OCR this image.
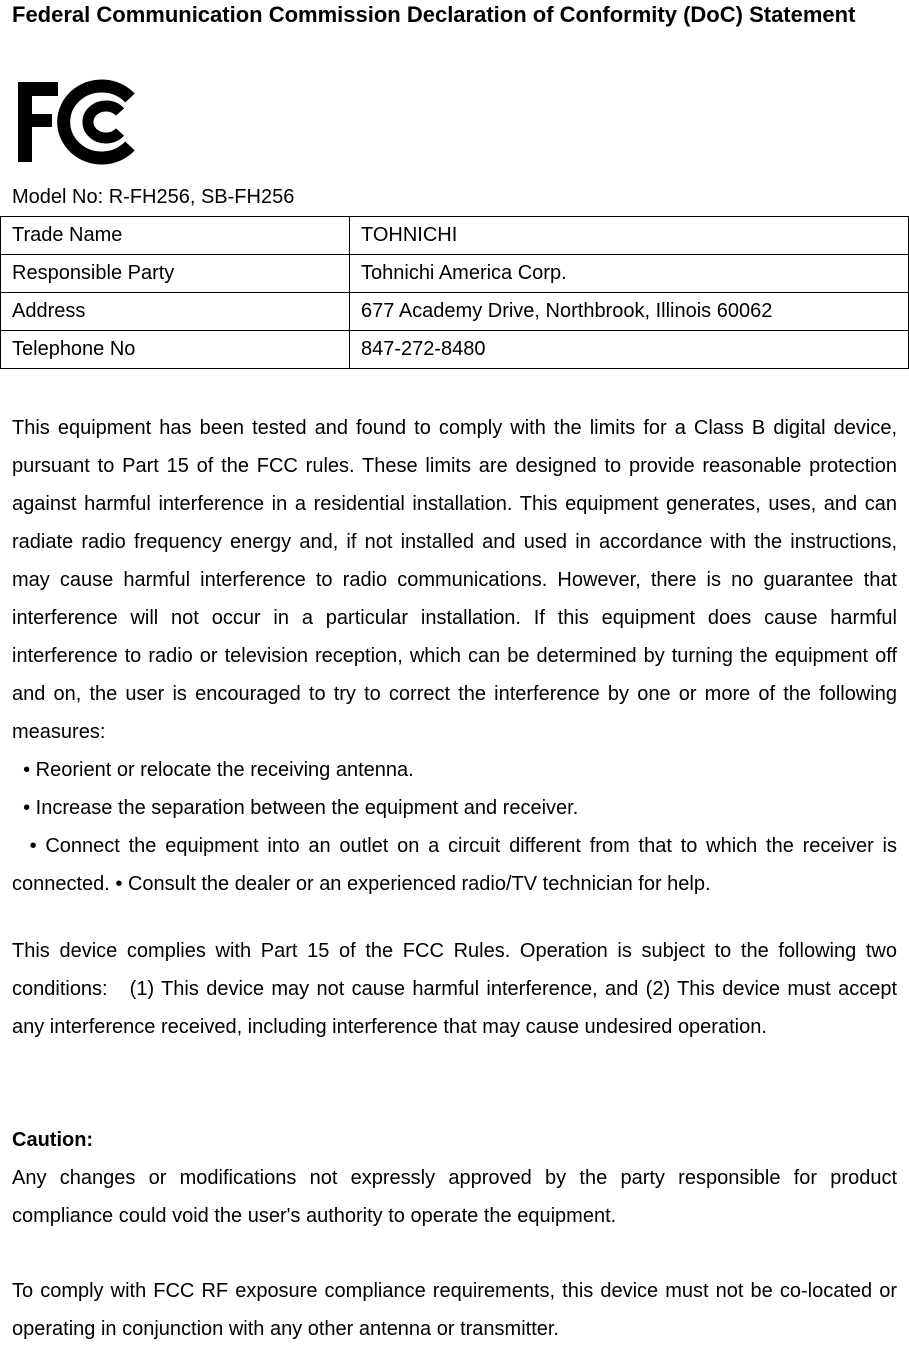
Federal Communication Commission Declaration of Conformity (DoC) Statement

Model No: R-FH256, SB-FH256

Trade Name	TOHNICHI
Responsible Party	Tohnichi America Corp.
Address	677 Academy Drive, Northbrook, Illinois 60062
Telephone No	847-272-8480
This equipment has been tested and found to comply with the limits for a Class B digital device, pursuant to Part 15 of the FCC rules. These limits are designed to provide reasonable protection against harmful interference in a residential installation. This equipment generates, uses, and can radiate radio frequency energy and, if not installed and used in accordance with the instructions, may cause harmful interference to radio communications. However, there is no guarantee that interference will not occur in a particular installation. If this equipment does cause harmful interference to radio or television reception, which can be determined by turning the equipment off and on, the user is encouraged to try to correct the interference by one or more of the following measures:
• Reorient or relocate the receiving antenna.
• Increase the separation between the equipment and receiver.
• Connect the equipment into an outlet on a circuit different from that to which the receiver is connected. • Consult the dealer or an experienced radio/TV technician for help.

This device complies with Part 15 of the FCC Rules. Operation is subject to the following two conditions:   (1) This device may not cause harmful interference, and (2) This device must accept any interference received, including interference that may cause undesired operation.

Caution:

Any changes or modifications not expressly approved by the party responsible for product compliance could void the user's authority to operate the equipment.

To comply with FCC RF exposure compliance requirements, this device must not be co-located or operating in conjunction with any other antenna or transmitter.
